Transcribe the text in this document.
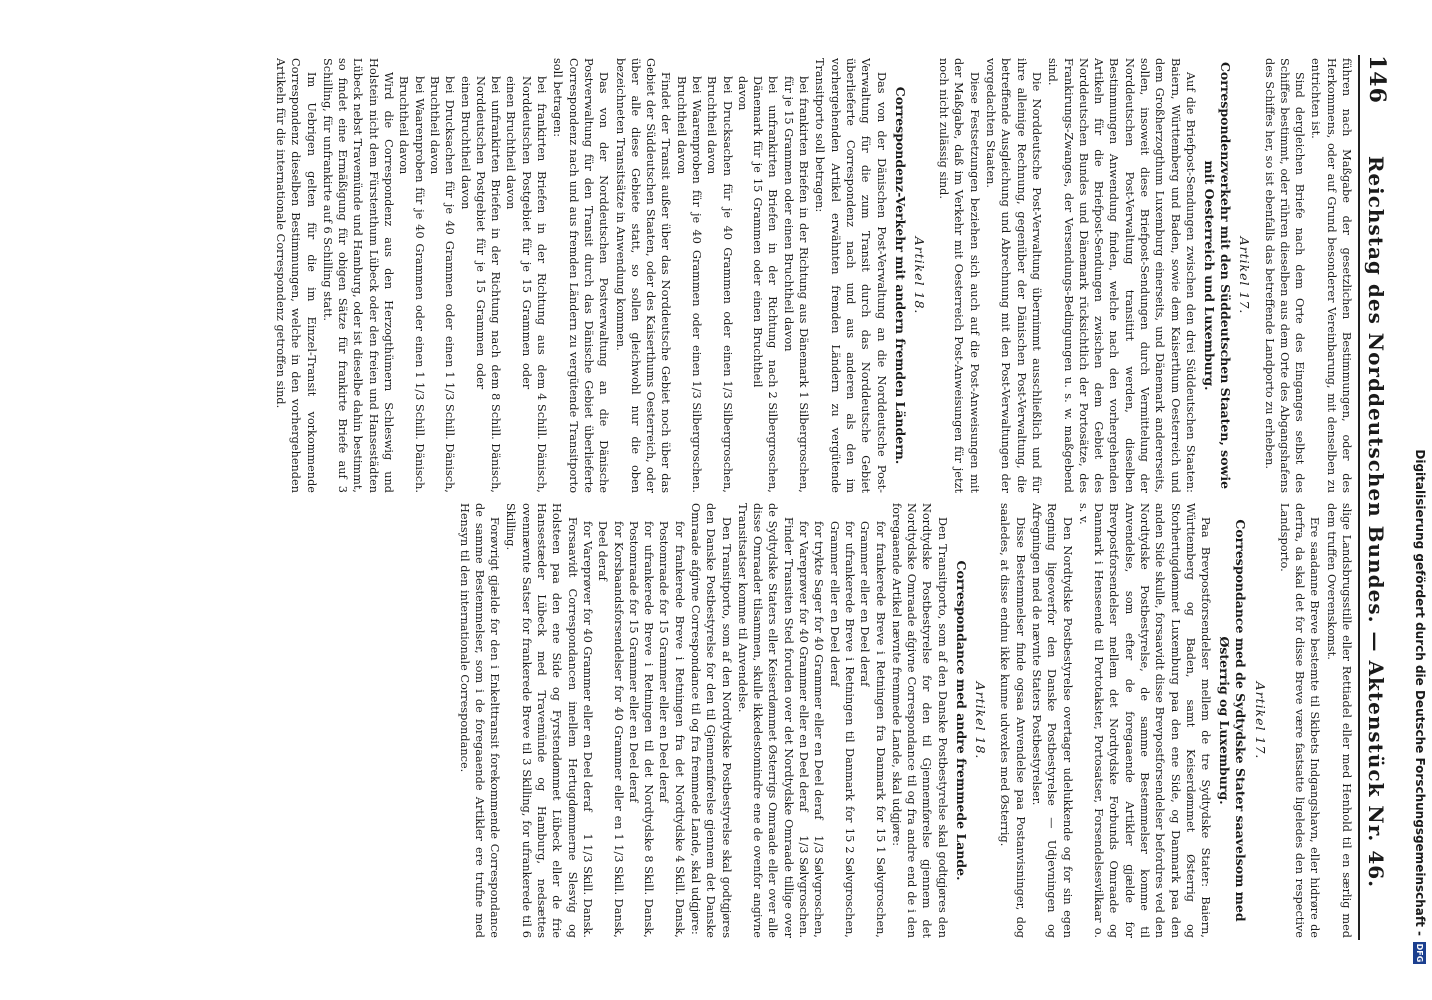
146
Reichstag des Norddeutschen Bundes. — Aktenstück Nr. 46.

führen nach Maßgabe der gesetzlichen Bestimmungen, oder des Herkommens, oder auf Grund besonderer Vereinbarung, mit denselben zu entrichten ist.

Sind dergleichen Briefe nach dem Orte des Einganges selbst des Schiffes bestimmt, oder rühren dieselben aus dem Orte des Abgangshafens des Schiffes her, so ist ebenfalls das betreffende Landporto zu erheben.

Artikel 17.

Correspondenzverkehr mit den Süddeutschen Staaten, sowie mit Oesterreich und Luxemburg.

Auf die Briefpost-Sendungen zwischen den drei Süddeutschen Staaten: Baiern, Württemberg und Baden, sowie dem Kaiserthum Oesterreich und dem Großherzogthum Luxemburg einerseits, und Dänemark andererseits, sollen, insoweit diese Briefpost-Sendungen durch Vermittelung der Norddeutschen Post-Verwaltung transitirt werden, dieselben Bestimmungen Anwendung finden, welche nach den vorhergehenden Artikeln für die Briefpost-Sendungen zwischen dem Gebiet des Norddeutschen Bundes und Dänemark rücksichtlich der Portosätze, des Frankirungs-Zwanges, der Versendungs-Bedingungen u. s. w. maßgebend sind.

Die Norddeutsche Post-Verwaltung übernimmt ausschließlich und für ihre alleinige Rechnung, gegenüber der Dänischen Post-Verwaltung, die betreffende Ausgleichung und Abrechnung mit den Post-Verwaltungen der vorgedachten Staaten.

Diese Festsetzungen beziehen sich auch auf die Post-Anweisungen mit der Maßgabe, daß im Verkehr mit Oesterreich Post-Anweisungen für jetzt noch nicht zulässig sind.

Artikel 18.

Correspondenz-Verkehr mit andern fremden Ländern.

Das von der Dänischen Post-Verwaltung an die Norddeutsche Post-Verwaltung für die zum Transit durch das Norddeutsche Gebiet überlieferte Correspondenz nach und aus anderen als den im vorhergehenden Artikel erwähnten fremden Ländern zu vergütende Transitporto soll betragen:

bei frankirten Briefen in der Richtung aus Dänemark für je 15 Grammen oder einen Bruchtheil davon
1 Silbergroschen,
bei unfrankirten Briefen in der Richtung nach Dänemark für je 15 Grammen oder einen Bruchtheil davon
2 Silbergroschen,
bei Drucksachen für je 40 Grammen oder einen Bruchtheil davon
1/3 Silbergroschen,
bei Waarenproben für je 40 Grammen oder einen Bruchtheil davon
1/3 Silbergroschen.

Findet der Transit außer über das Norddeutsche Gebiet noch über das Gebiet der Süddeutschen Staaten, oder des Kaiserthums Oesterreich, oder über alle diese Gebiete statt, so sollen gleichwohl nur die oben bezeichneten Transitsätze in Anwendung kommen.

Das von der Norddeutschen Postverwaltung an die Dänische Postverwaltung für den Transit durch das Dänische Gebiet überlieferte Correspondenz nach und aus fremden Ländern zu vergütende Transitporto soll betragen:

bei frankirten Briefen in der Richtung aus dem Norddeutschen Postgebiet für je 15 Grammen oder einen Bruchtheil davon
4 Schill. Dänisch,
bei unfrankirten Briefen in der Richtung nach dem Norddeutschen Postgebiet für je 15 Grammen oder einen Bruchtheil davon
8 Schill. Dänisch,
bei Drucksachen für je 40 Grammen oder einen Bruchtheil davon
1 1/3 Schill. Dänisch,
bei Waarenproben für je 40 Grammen oder einen Bruchtheil davon
1 1/3 Schill. Dänisch.

Wird die Correspondenz aus den Herzogthümern Schleswig und Holstein nicht dem Fürstenthum Lübeck oder den freien und Hansestädten Lübeck nebst Travemünde und Hamburg, oder ist dieselbe dahin bestimmt, so findet eine Ermäßigung für obigen Sätze für frankirte Briefe auf 3 Schilling, für unfrankirte auf 6 Schilling statt.

Im Uebrigen gelten für die im Einzel-Transit vorkommende Correspondenz dieselben Bestimmungen, welche in den vorhergehenden Artikeln für die internationale Correspondenz getroffen sind.

slige Landsbrugsstille eller Rettiadel eller med Henhold til en særlig med dem truffen Overenskomst.

Ere saadanne Breve bestemte til Skibets Indgangshavn, eller hidrøre de derfra, da skal det for disse Breve være fastsatte ligeledes den respective Landsporto.

Artikel 17.

Correspondance med de Sydtydske Stater saavelsom med Østerrig og Luxemburg.

Paa Brevpostforsendelser mellem de tre Sydtydske Stater: Baiern, Württemberg og Baden, samt Keiserdømmet Østerrig og Storhertugdømmet Luxemburg paa den ene Side, og Danmark paa den anden Side skulle, forsaavidt disse Brevpostforsendelser befordres ved den Nordtydske Postbestyrelse, de samme Bestemmelser komme til Anvendelse, som efter de foregaaende Artikler gjælde for Brevpostforsendelser mellem det Nordtydske Forbunds Omraade og Danmark i Henseende til Portotakster, Portosatser, Forsendelsesvilkaar o. s. v.

Den Nordtydske Postbestyrelse overtager udelukkende og for sin egen Regning ligeoverfor den Danske Postbestyrelse — Udjevningen og Afregningen med de nævnte Staters Postbestyrelser.

Disse Bestemmelser finde ogsaa Anvendelse paa Postanvisninger, dog saaledes, at disse endnu ikke kunne udvexles med Østerrig.

Artikel 18.

Correspondance med andre fremmede Lande.

Den Transitporto, som af den Danske Postbestyrelse skal godtgjøres den Nordtydske Postbestyrelse for den til Gjennemførelse gjennem det Nordtydske Omraade afgivne Correspondance til og fra andre end de i den foregaaende Artikel nævnte fremmede Lande, skal udgjøre:

for frankerede Breve i Retningen fra Danmark for 15 Grammer eller en Deel deraf
1 Sølvgroschen,
for ufrankerede Breve i Retningen til Danmark for 15 Grammer eller en Deel deraf
2 Sølvgroschen,
for trykte Sager for 40 Grammer eller en Deel deraf
1/3 Sølvgroschen,
for Vareprøver for 40 Grammer eller en Deel deraf
1/3 Sølvgroschen.

Finder Transiten Sted foruden over det Nordtydske Omraade tillige over de Sydtydske Staters eller Keiserdømmet Østerrigs Omraade eller over alle disse Omraader tilsammen, skulle ikkedestomindre ene de ovenfor angivne Transitsatser komme til Anvendelse.

Den Transitporto, som af den Nordtydske Postbestyrelse skal godtgjøres den Danske Postbestyrelse for den til Gjennemførelse gjennem det Danske Omraade afgivne Correspondance til og fra fremmede Lande, skal udgjøre:

for frankerede Breve i Retningen fra det Nordtydske Postomraade for 15 Grammer eller en Deel deraf
4 Skill. Dansk,
for ufrankerede Breve i Retningen til det Nordtydske Postomraade for 15 Grammer eller en Deel deraf
8 Skill. Dansk,
for Korsbaandsforsendelser for 40 Grammer eller en Deel deraf
1 1/3 Skill. Dansk,
for Vareprøver for 40 Grammer eller en Deel deraf
1 1/3 Skill. Dansk.

Forsaavidt Correspondancen imellem Hertugdømmerne Slesvig og Holsteen paa den ene Side og Fyrstendømmet Lübeck eller de frie Hansestæder Lübeck med Travemünde og Hamburg, nedsættes ovennævnte Satser for frankerede Breve til 3 Skilling, for ufrankerede til 6 Skilling.

Forøvrigt gjælde for den i Enkelttransit forekommende Correspondance de samme Bestemmelser, som i de foregaaende Artikler ere trufne med Hensyn til den internationale Correspondance.	Digitalisierung gefördert durch die Deutsche Forschungsgemeinschaft -
DFG
